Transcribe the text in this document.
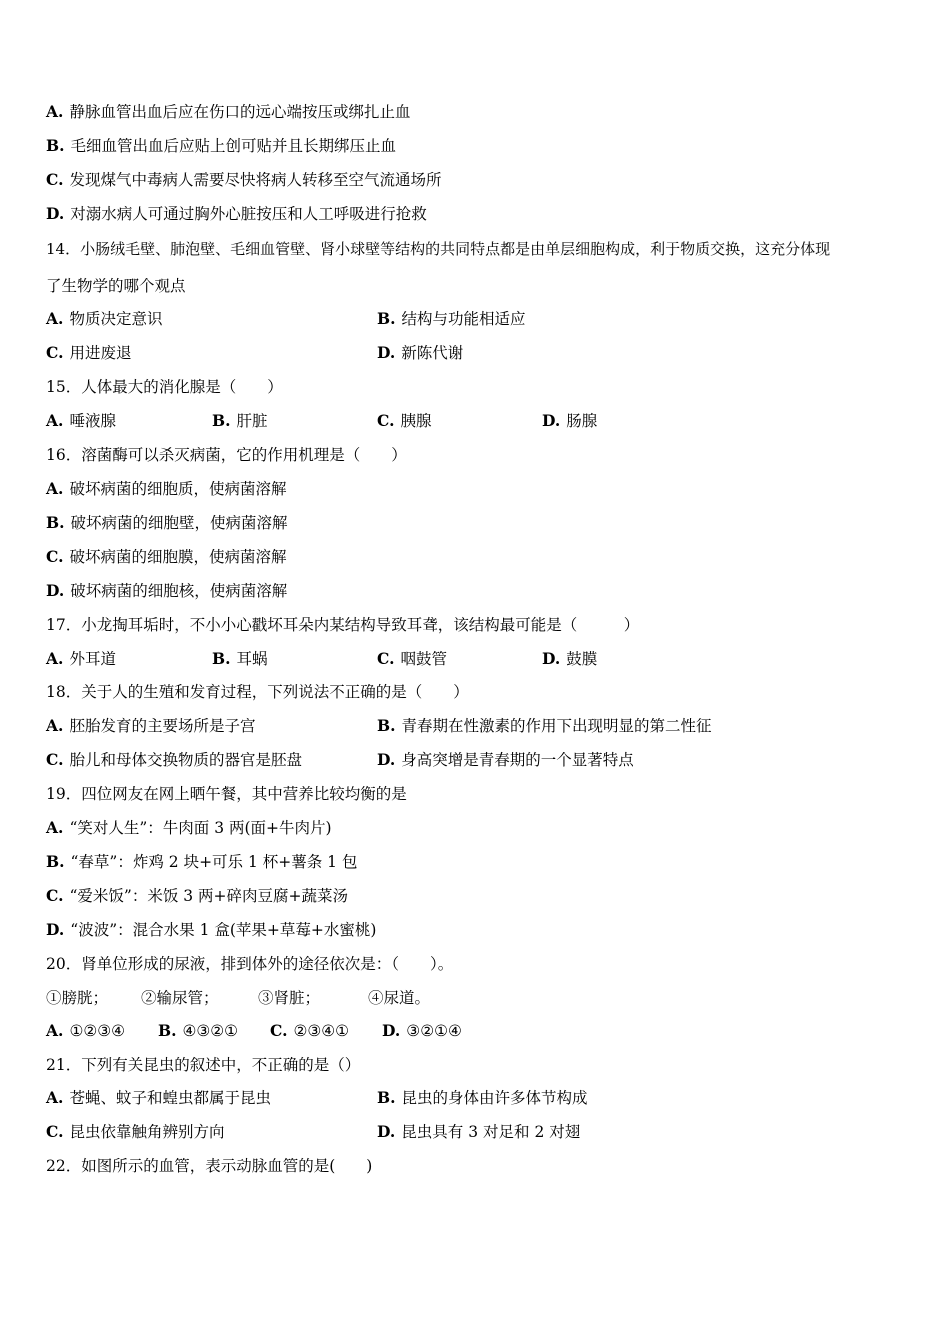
A. 静脉血管出血后应在伤口的远心端按压或绑扎止血
B. 毛细血管出血后应贴上创可贴并且长期绑压止血
C. 发现煤气中毒病人需要尽快将病人转移至空气流通场所
D. 对溺水病人可通过胸外心脏按压和人工呼吸进行抢救
14．小肠绒毛壁、肺泡壁、毛细血管壁、肾小球壁等结构的共同特点都是由单层细胞构成，利于物质交换，这充分体现
了生物学的哪个观点
A. 物质决定意识	B. 结构与功能相适应
C. 用进废退	D. 新陈代谢
15．人体最大的消化腺是（　　）
A. 唾液腺	B. 肝脏	C. 胰腺	D. 肠腺
16．溶菌酶可以杀灭病菌，它的作用机理是（　　）
A. 破坏病菌的细胞质，使病菌溶解
B. 破坏病菌的细胞壁，使病菌溶解
C. 破坏病菌的细胞膜，使病菌溶解
D. 破坏病菌的细胞核，使病菌溶解
17．小龙掏耳垢时，不小小心戳坏耳朵内某结构导致耳聋，该结构最可能是（　　　）
A. 外耳道	B. 耳蜗	C. 咽鼓管	D. 鼓膜
18．关于人的生殖和发育过程，下列说法不正确的是（　　）
A. 胚胎发育的主要场所是子宫	B. 青春期在性激素的作用下出现明显的第二性征
C. 胎儿和母体交换物质的器官是胚盘	D. 身高突增是青春期的一个显著特点
19．四位网友在网上晒午餐，其中营养比较均衡的是
A. “笑对人生”：牛肉面 3 两(面+牛肉片)
B. “春草”：炸鸡 2 块+可乐 1 杯+薯条 1 包
C. “爱米饭”：米饭 3 两+碎肉豆腐+蔬菜汤
D. “波波”：混合水果 1 盒(苹果+草莓+水蜜桃)
20．肾单位形成的尿液，排到体外的途径依次是：（　　）。
①膀胱； ②输尿管；	③肾脏；	④尿道。
A. ①②③④ B. ④③②① C. ②③④① D. ③②①④
21．下列有关昆虫的叙述中，不正确的是（）
A. 苍蝇、蚊子和蝗虫都属于昆虫	B. 昆虫的身体由许多体节构成
C. 昆虫依靠触角辨别方向	D. 昆虫具有 3 对足和 2 对翅
22．如图所示的血管，表示动脉血管的是(　　)
